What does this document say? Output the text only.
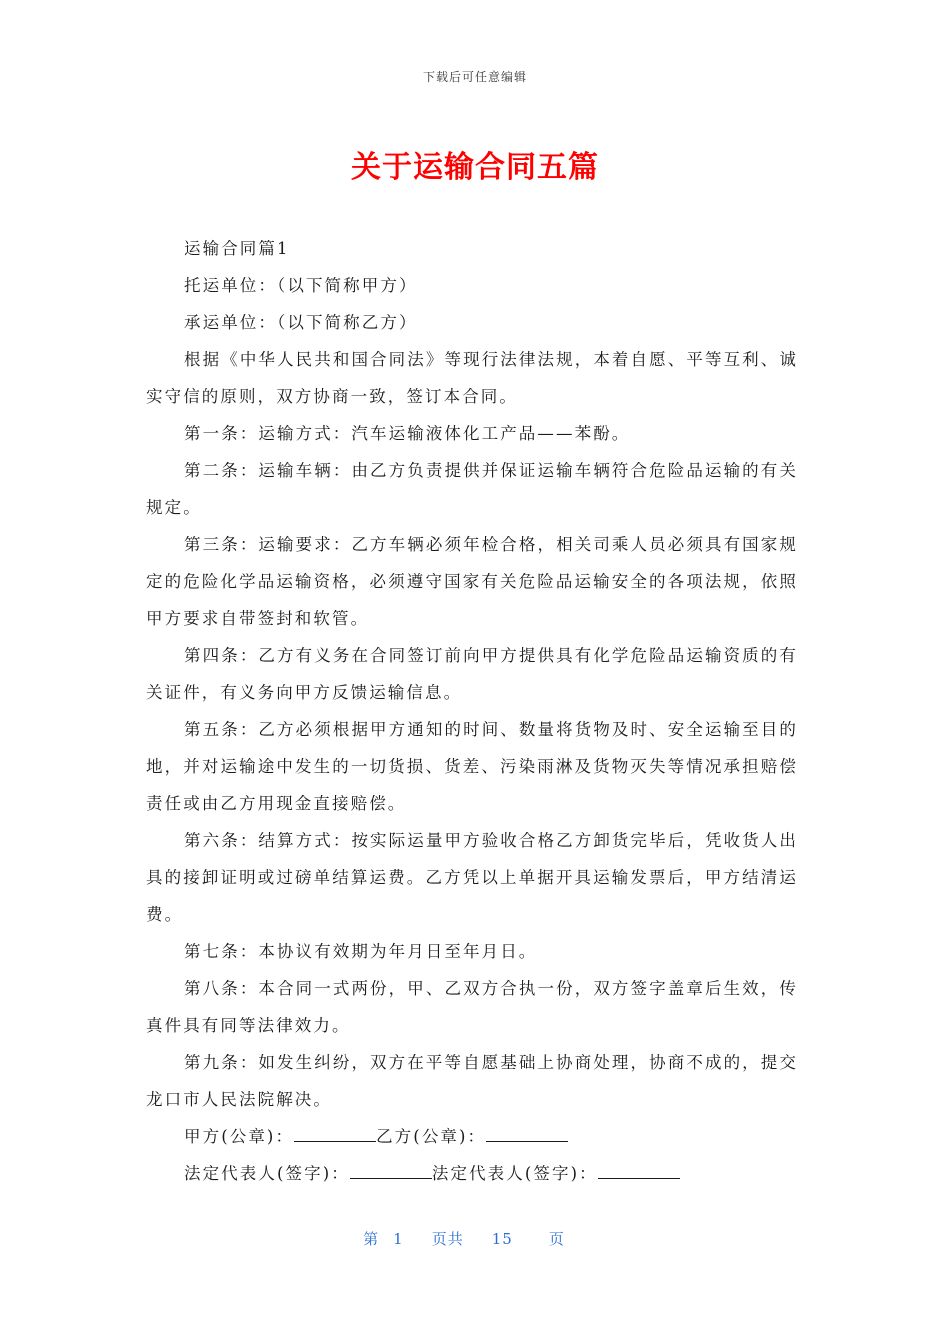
下载后可任意编辑
关于运输合同五篇

运输合同篇1

托运单位：（以下简称甲方）

承运单位：（以下简称乙方）

根据《中华人民共和国合同法》等现行法律法规，本着自愿、平等互利、诚实守信的原则，双方协商一致，签订本合同。

第一条：运输方式：汽车运输液体化工产品——苯酚。

第二条：运输车辆：由乙方负责提供并保证运输车辆符合危险品运输的有关规定。

第三条：运输要求：乙方车辆必须年检合格，相关司乘人员必须具有国家规定的危险化学品运输资格，必须遵守国家有关危险品运输安全的各项法规，依照甲方要求自带签封和软管。

第四条：乙方有义务在合同签订前向甲方提供具有化学危险品运输资质的有关证件，有义务向甲方反馈运输信息。

第五条：乙方必须根据甲方通知的时间、数量将货物及时、安全运输至目的地，并对运输途中发生的一切货损、货差、污染雨淋及货物灭失等情况承担赔偿责任或由乙方用现金直接赔偿。

第六条：结算方式：按实际运量甲方验收合格乙方卸货完毕后，凭收货人出具的接卸证明或过磅单结算运费。乙方凭以上单据开具运输发票后，甲方结清运费。

第七条：本协议有效期为年月日至年月日。

第八条：本合同一式两份，甲、乙双方合执一份，双方签字盖章后生效，传真件具有同等法律效力。

第九条：如发生纠纷，双方在平等自愿基础上协商处理，协商不成的，提交龙口市人民法院解决。

甲方(公章)：	乙方(公章)：

法定代表人(签字)：	法定代表人(签字)：

第 1 页共 15 页
